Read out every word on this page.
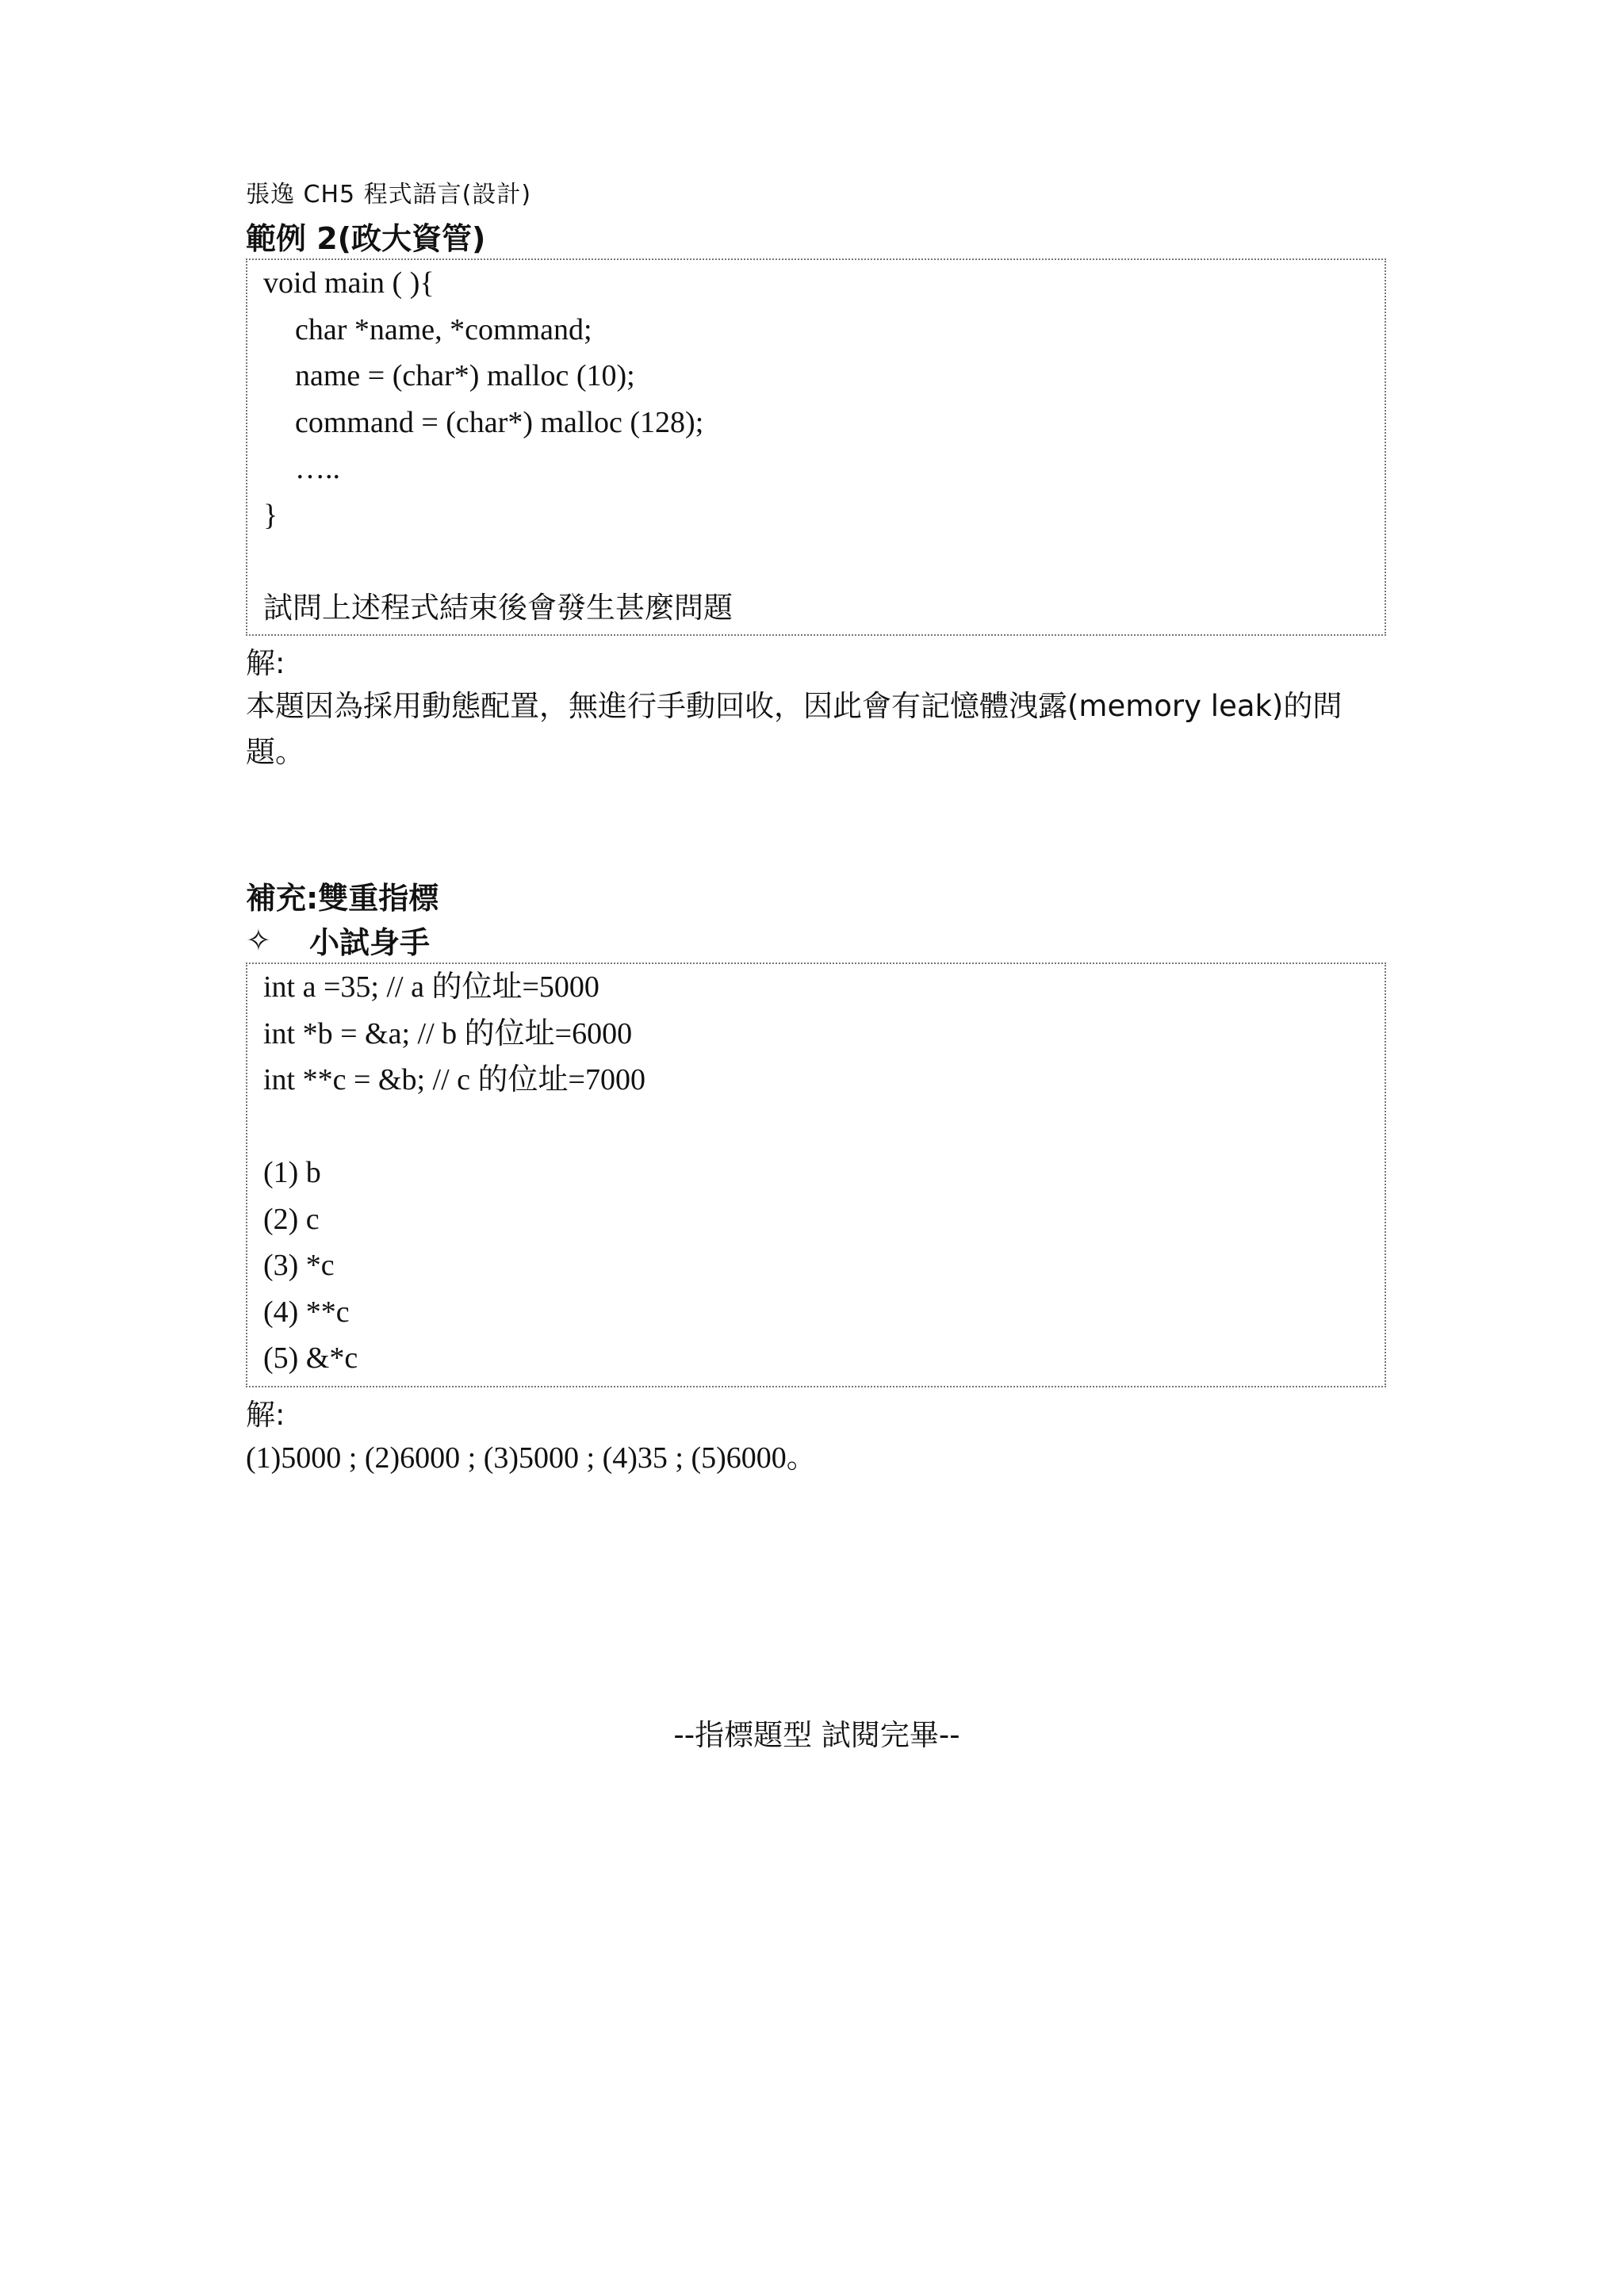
張逸 CH5 程式語言(設計)
範例 2(政大資管)
void main ( ){
char *name, *command;
name = (char*) malloc (10);
command = (char*) malloc (128);
…..
}
試問上述程式結束後會發生甚麼問題
解:
本題因為採用動態配置，無進行手動回收，因此會有記憶體洩露(memory leak)的問題。
補充:雙重指標
✧	小試身手
int a =35; // a 的位址=5000
int *b = &a; // b 的位址=6000
int **c = &b; // c 的位址=7000
(1) b
(2) c
(3) *c
(4) **c
(5) &*c
解:
(1)5000 ; (2)6000 ; (3)5000 ; (4)35 ; (5)6000。
--指標題型 試閱完畢--
